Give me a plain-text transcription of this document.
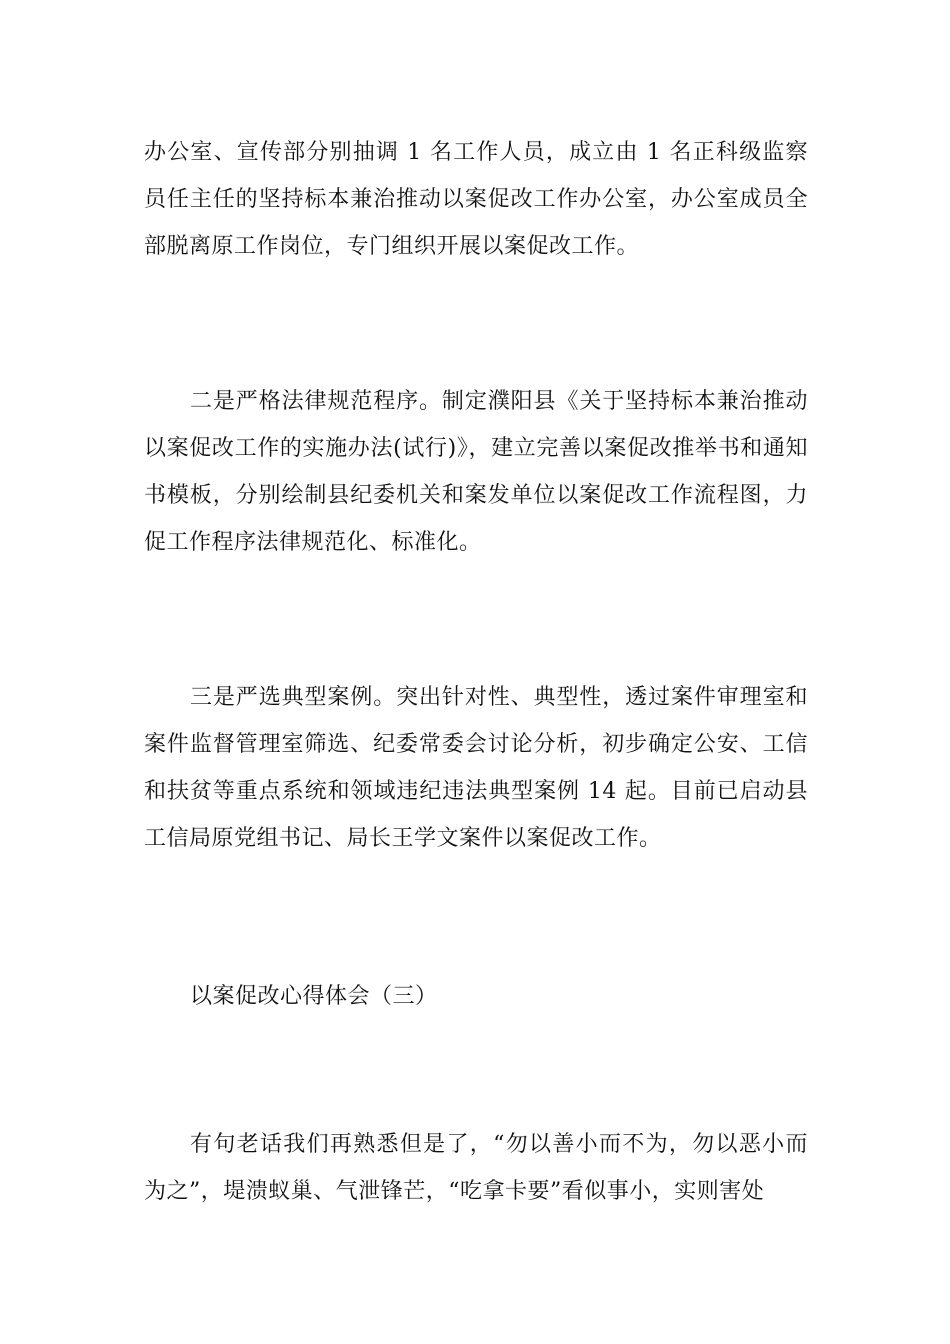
办公室、宣传部分别抽调 1 名工作人员，成立由 1 名正科级监察员任主任的坚持标本兼治推动以案促改工作办公室，办公室成员全部脱离原工作岗位，专门组织开展以案促改工作。

二是严格法律规范程序。制定濮阳县《关于坚持标本兼治推动以案促改工作的实施办法(试行)》，建立完善以案促改推举书和通知书模板，分别绘制县纪委机关和案发单位以案促改工作流程图，力促工作程序法律规范化、标准化。

三是严选典型案例。突出针对性、典型性，透过案件审理室和案件监督管理室筛选、纪委常委会讨论分析，初步确定公安、工信和扶贫等重点系统和领域违纪违法典型案例 14 起。目前已启动县工信局原党组书记、局长王学文案件以案促改工作。

以案促改心得体会（三）

有句老话我们再熟悉但是了，“勿以善小而不为，勿以恶小而为之”，堤溃蚁巢、气泄锋芒，“吃拿卡要”看似事小，实则害处
